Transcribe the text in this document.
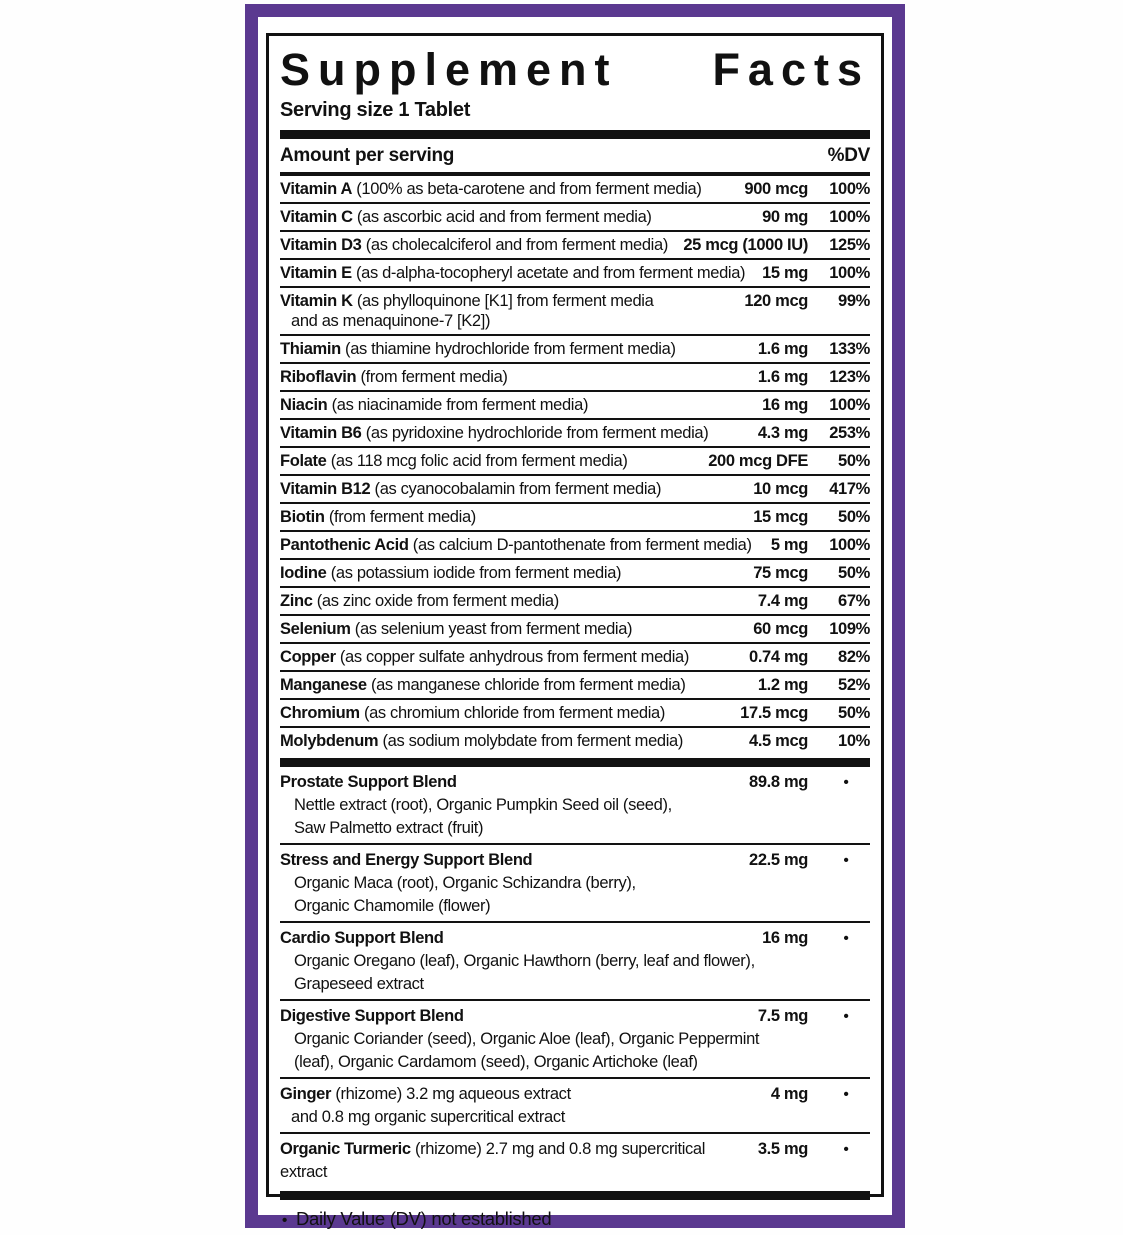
Supplement Facts
Serving size 1 Tablet
Amount per serving	%DV
Vitamin A (100% as beta-carotene and from ferment media)	900 mcg	100%
Vitamin C (as ascorbic acid and from ferment media)	90 mg	100%
Vitamin D3 (as cholecalciferol and from ferment media) 25 mcg (1000 IU)	125%
Vitamin E (as d-alpha-tocopheryl acetate and from ferment media)	15 mg	100%
Vitamin K (as phylloquinone [K1] from ferment media	120 mcg	99%
and as menaquinone-7 [K2])
Thiamin (as thiamine hydrochloride from ferment media)	1.6 mg	133%
Riboflavin (from ferment media)	1.6 mg	123%
Niacin (as niacinamide from ferment media)	16 mg	100%
Vitamin B6 (as pyridoxine hydrochloride from ferment media)	4.3 mg	253%
Folate (as 118 mcg folic acid from ferment media)	200 mcg DFE	50%
Vitamin B12 (as cyanocobalamin from ferment media)	10 mcg	417%
Biotin (from ferment media)	15 mcg	50%
Pantothenic Acid (as calcium D-pantothenate from ferment media)	5 mg	100%
Iodine (as potassium iodide from ferment media)	75 mcg	50%
Zinc (as zinc oxide from ferment media)	7.4 mg	67%
Selenium (as selenium yeast from ferment media)	60 mcg	109%
Copper (as copper sulfate anhydrous from ferment media)	0.74 mg	82%
Manganese (as manganese chloride from ferment media)	1.2 mg	52%
Chromium (as chromium chloride from ferment media)	17.5 mcg	50%
Molybdenum (as sodium molybdate from ferment media)	4.5 mcg	10%
Prostate Support Blend	89.8 mg	•
Nettle extract (root), Organic Pumpkin Seed oil (seed),
Saw Palmetto extract (fruit)
Stress and Energy Support Blend	22.5 mg	•
Organic Maca (root), Organic Schizandra (berry),
Organic Chamomile (flower)
Cardio Support Blend	16 mg	•
Organic Oregano (leaf), Organic Hawthorn (berry, leaf and flower),
Grapeseed extract
Digestive Support Blend	7.5 mg	•
Organic Coriander (seed), Organic Aloe (leaf), Organic Peppermint
(leaf), Organic Cardamom (seed), Organic Artichoke (leaf)
Ginger (rhizome) 3.2 mg aqueous extract	4 mg	•
and 0.8 mg organic supercritical extract
Organic Turmeric (rhizome) 2.7 mg and 0.8 mg supercritical extract
3.5 mg	•
• Daily Value (DV) not established
